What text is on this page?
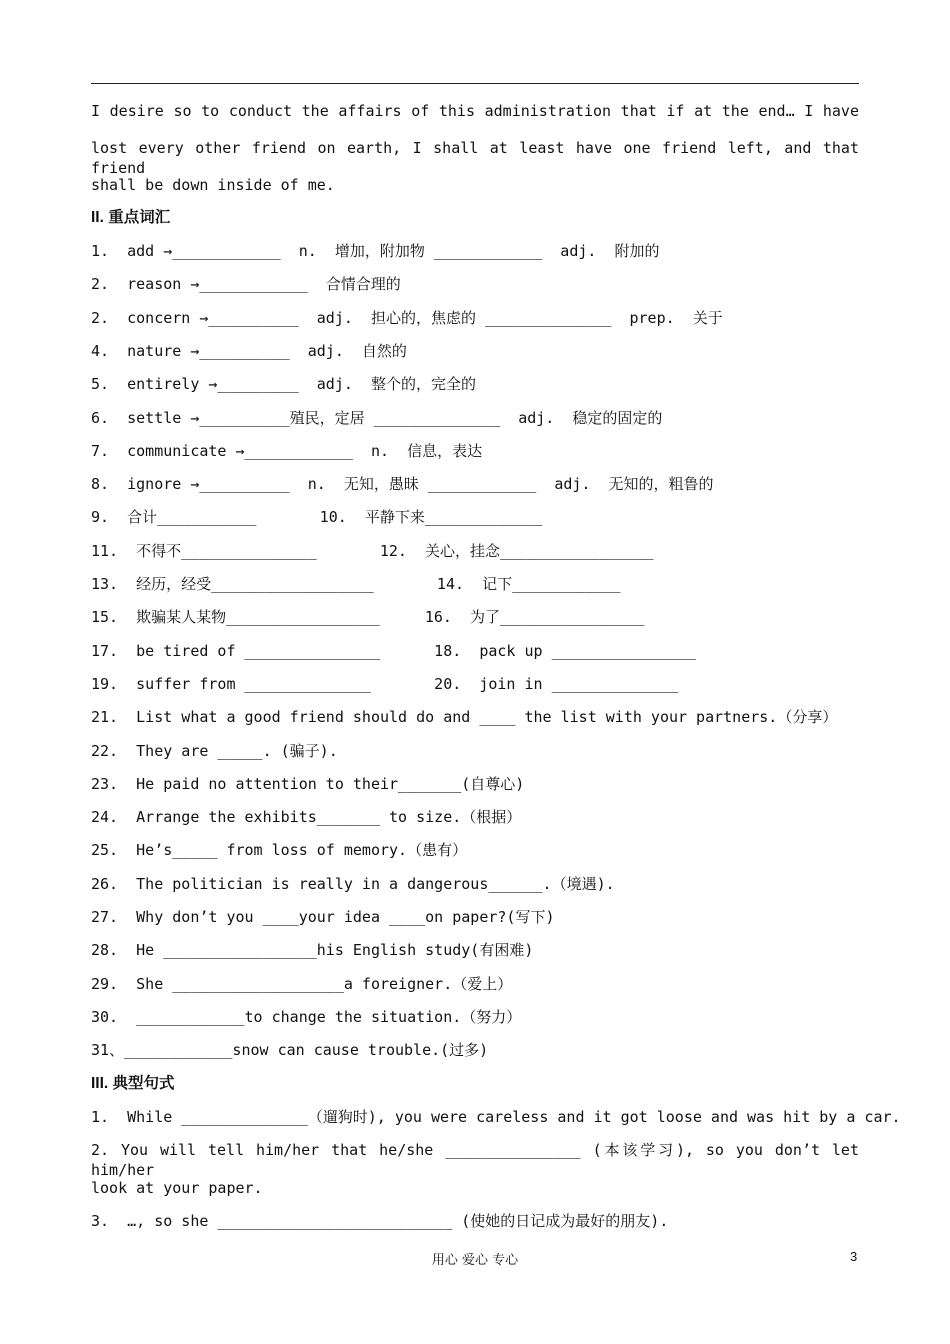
I desire so to conduct the affairs of this administration that if at the end… I have
lost every other friend on earth, I shall at least have one friend left, and that friend
shall be down inside of me.
II. 重点词汇
1.  add →____________  n.  增加，附加物 ____________  adj.  附加的
2.  reason →____________  合情合理的
2.  concern →__________  adj.  担心的，焦虑的 ______________  prep.  关于
4.  nature →__________  adj.  自然的
5.  entirely →_________  adj.  整个的，完全的
6.  settle →__________殖民，定居 ______________  adj.  稳定的固定的
7.  communicate →____________  n.  信息，表达
8.  ignore →__________  n.  无知，愚昧 ____________  adj.  无知的，粗鲁的
9.  合计___________       10.  平静下来_____________
11.  不得不_______________       12.  关心，挂念_________________
13.  经历，经受__________________       14.  记下____________
15.  欺骗某人某物_________________     16.  为了________________
17.  be tired of _______________      18.  pack up ________________
19.  suffer from ______________       20.  join in ______________
21.  List what a good friend should do and ____ the list with your partners.（分享）
22.  They are _____. (骗子).
23.  He paid no attention to their_______(自尊心)
24.  Arrange the exhibits_______ to size.（根据）
25.  He’s_____ from loss of memory.（患有）
26.  The politician is really in a dangerous______.（境遇).
27.  Why don’t you ____your idea ____on paper?(写下)
28.  He _________________his English study(有困难)
29.  She ___________________a foreigner.（爱上）
30.  ____________to change the situation.（努力）
31、____________snow can cause trouble.(过多)
III. 典型句式
1.  While ______________（遛狗时), you were careless and it got loose and was hit by a car.
2. You will tell him/her that he/she _______________ (本该学习), so you don’t let him/her
look at your paper.
3.  …, so she __________________________ (使她的日记成为最好的朋友).
用心 爱心 专心	3
